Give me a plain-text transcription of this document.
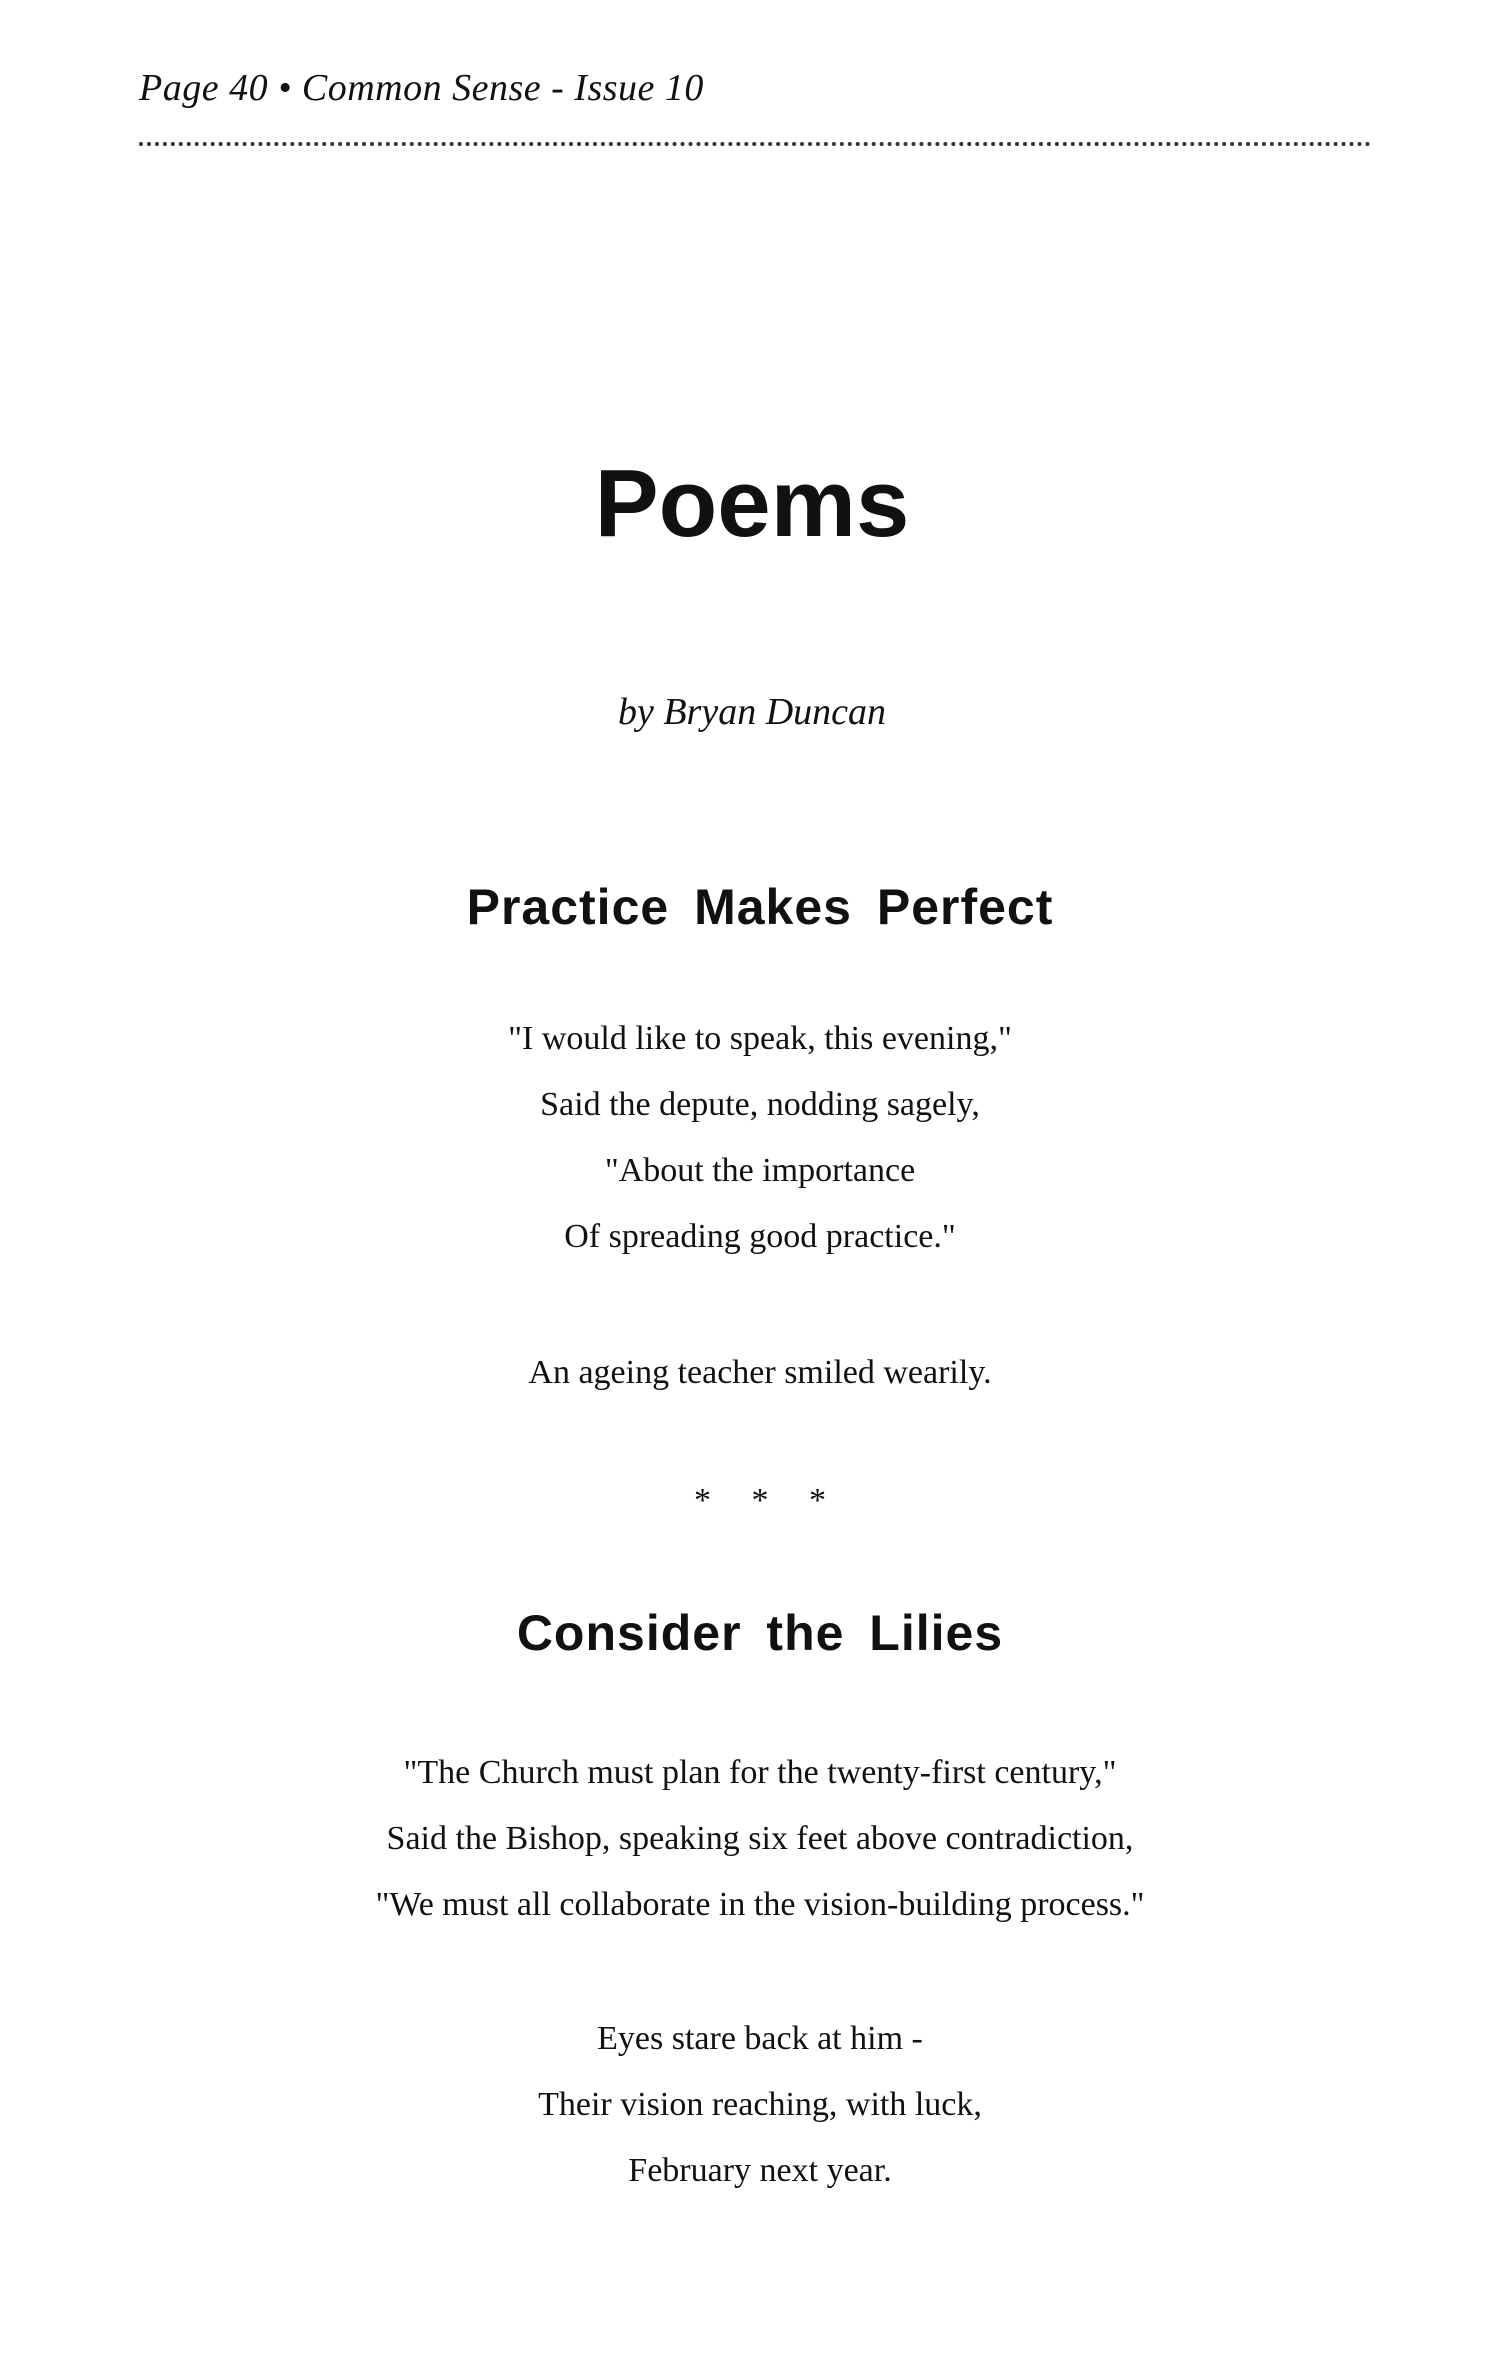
Page 40 • Common Sense - Issue 10
Poems
by Bryan Duncan
Practice Makes Perfect
"I would like to speak, this evening,"
Said the depute, nodding sagely,
"About the importance
Of spreading good practice."
An ageing teacher smiled wearily.
* * *
Consider the Lilies
"The Church must plan for the twenty-first century,"
Said the Bishop, speaking six feet above contradiction,
"We must all collaborate in the vision-building process."
Eyes stare back at him -
Their vision reaching, with luck,
February next year.
